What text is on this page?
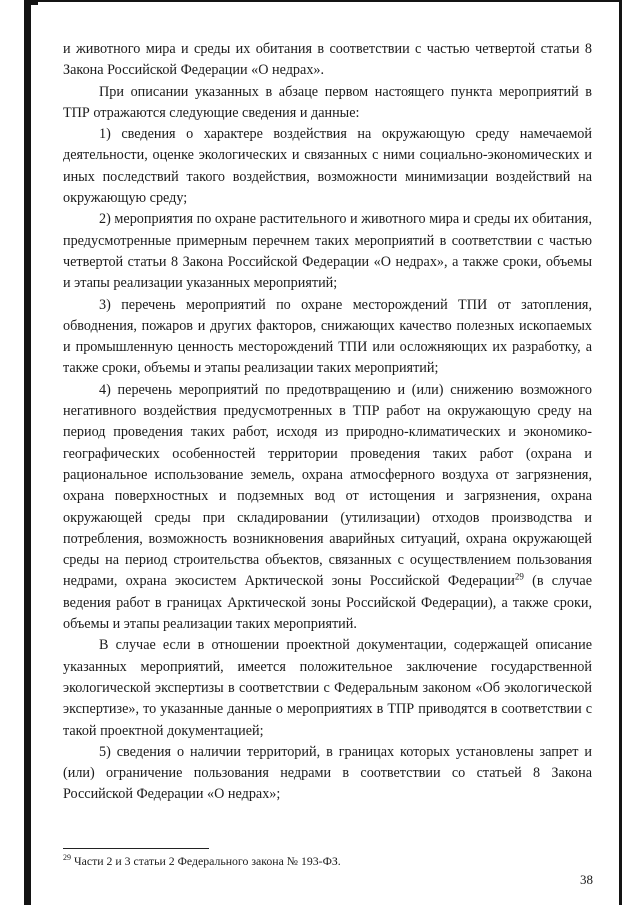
и животного мира и среды их обитания в соответствии с частью четвертой статьи 8 Закона Российской Федерации «О недрах».

При описании указанных в абзаце первом настоящего пункта мероприятий в ТПР отражаются следующие сведения и данные:

1) сведения о характере воздействия на окружающую среду намечаемой деятельности, оценке экологических и связанных с ними социально-экономических и иных последствий такого воздействия, возможности минимизации воздействий на окружающую среду;

2) мероприятия по охране растительного и животного мира и среды их обитания, предусмотренные примерным перечнем таких мероприятий в соответствии с частью четвертой статьи 8 Закона Российской Федерации «О недрах», а также сроки, объемы и этапы реализации указанных мероприятий;

3) перечень мероприятий по охране месторождений ТПИ от затопления, обводнения, пожаров и других факторов, снижающих качество полезных ископаемых и промышленную ценность месторождений ТПИ или осложняющих их разработку, а также сроки, объемы и этапы реализации таких мероприятий;

4) перечень мероприятий по предотвращению и (или) снижению возможного негативного воздействия предусмотренных в ТПР работ на окружающую среду на период проведения таких работ, исходя из природно-климатических и экономико-географических особенностей территории проведения таких работ (охрана и рациональное использование земель, охрана атмосферного воздуха от загрязнения, охрана поверхностных и подземных вод от истощения и загрязнения, охрана окружающей среды при складировании (утилизации) отходов производства и потребления, возможность возникновения аварийных ситуаций, охрана окружающей среды на период строительства объектов, связанных с осуществлением пользования недрами, охрана экосистем Арктической зоны Российской Федерации$^{29}$ (в случае ведения работ в границах Арктической зоны Российской Федерации), а также сроки, объемы и этапы реализации таких мероприятий.

В случае если в отношении проектной документации, содержащей описание указанных мероприятий, имеется положительное заключение государственной экологической экспертизы в соответствии с Федеральным законом «Об экологической экспертизе», то указанные данные о мероприятиях в ТПР приводятся в соответствии с такой проектной документацией;

5) сведения о наличии территорий, в границах которых установлены запрет и (или) ограничение пользования недрами в соответствии со статьей 8 Закона Российской Федерации «О недрах»;

$^{29}$ Части 2 и 3 статьи 2 Федерального закона № 193-ФЗ.

38
